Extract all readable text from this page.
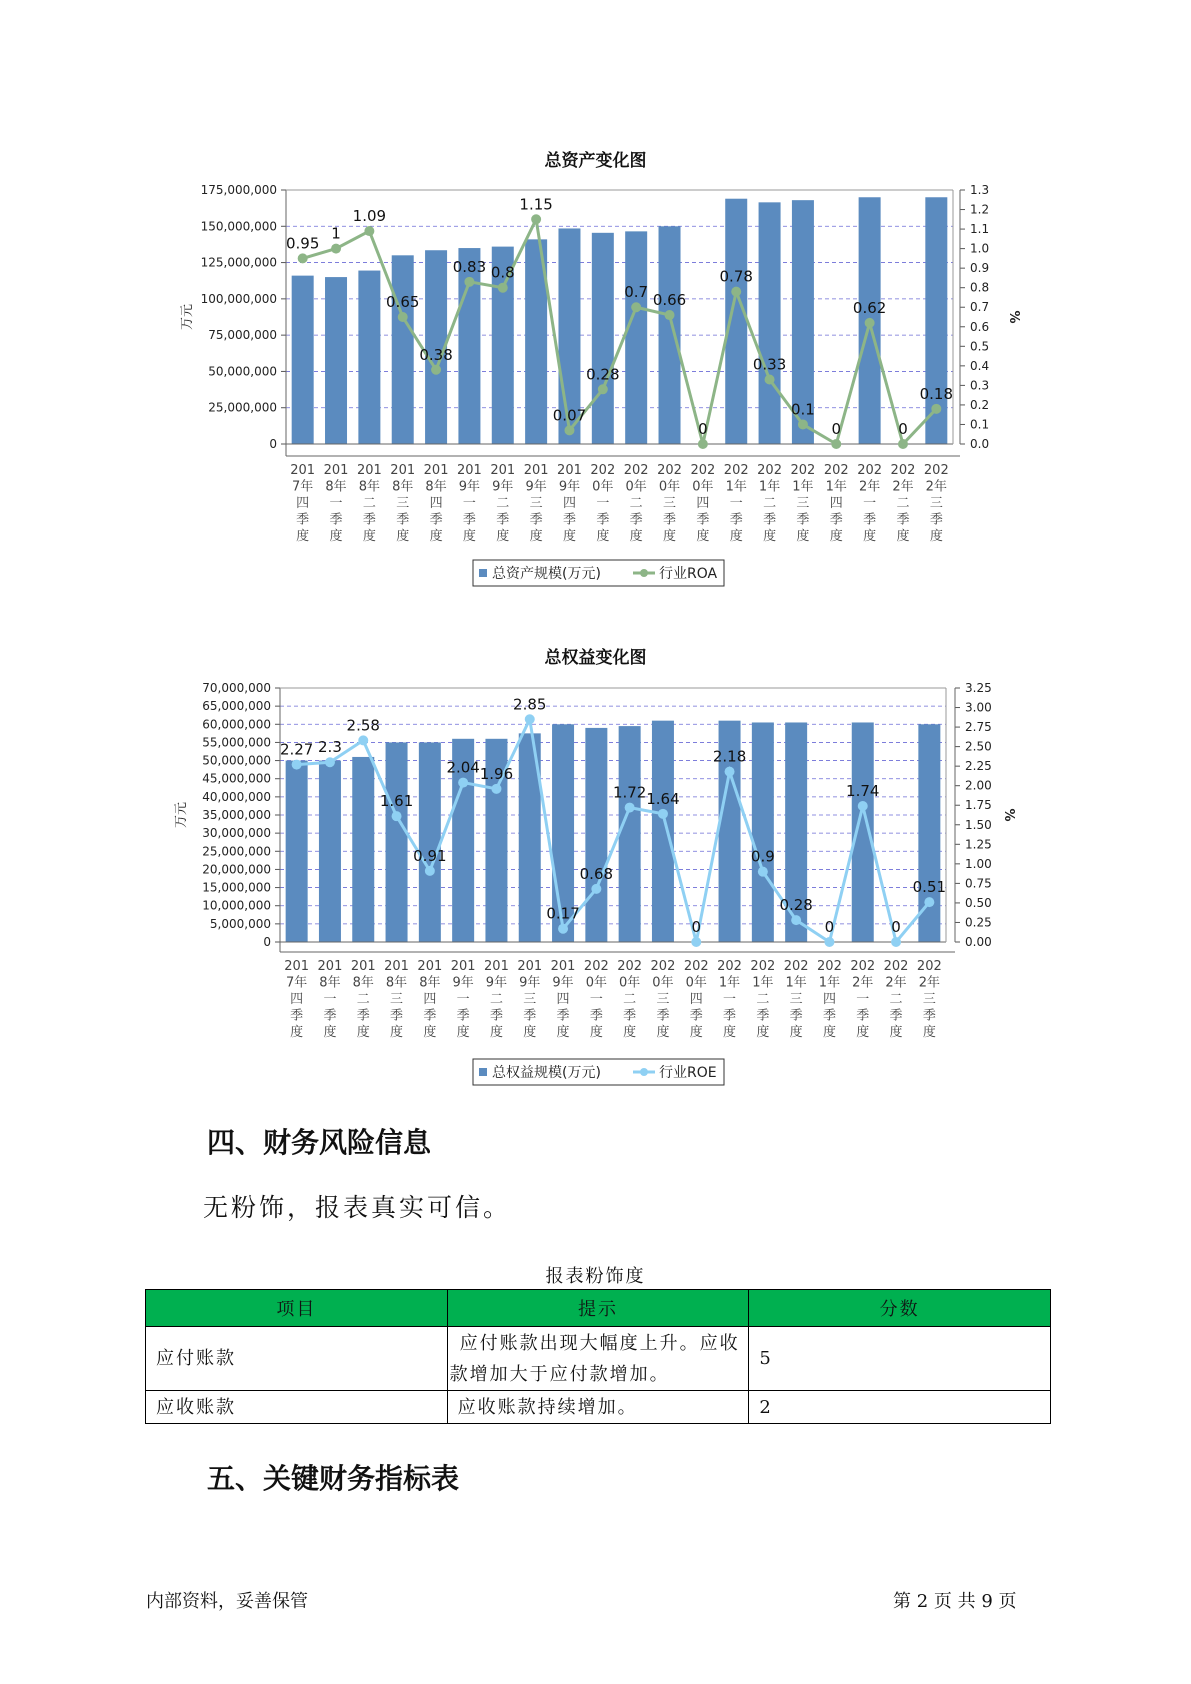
总资产变化图
0
25,000,000
50,000,000
75,000,000
100,000,000
125,000,000
150,000,000
175,000,000
0.0
0.1
0.2
0.3
0.4
0.5
0.6
0.7
0.8
0.9
1.0
1.1
1.2
1.3
万元	%
201
7年
四
季
度
201
8年
一
季
度
201
8年
二
季
度
201
8年
三
季
度
201
8年
四
季
度
201
9年
一
季
度
201
9年
二
季
度
201
9年
三
季
度
201
9年
四
季
度
202
0年
一
季
度
202
0年
二
季
度
202
0年
三
季
度
202
0年
四
季
度
202
1年
一
季
度
202
1年
二
季
度
202
1年
三
季
度
202
1年
四
季
度
202
2年
一
季
度
202
2年
二
季
度
202
2年
三
季
度
0.95
1
1.09
0.65
0.38
0.83 0.8
1.15
0.07
0.28
0.7 0.66
0
0.78
0.33
0.1
0
0.62
0
0.18
总资产规模(万元)	行业ROA
总权益变化图
0
5,000,000
10,000,000
15,000,000
20,000,000
25,000,000
30,000,000
35,000,000
40,000,000
45,000,000
50,000,000
55,000,000
60,000,000
65,000,000
70,000,000
0.00
0.25
0.50
0.75
1.00
1.25
1.50
1.75
2.00
2.25
2.50
2.75
3.00
3.25
万元	%
201
7年
四
季
度
201
8年
一
季
度
201
8年
二
季
度
201
8年
三
季
度
201
8年
四
季
度
201
9年
一
季
度
201
9年
二
季
度
201
9年
三
季
度
201
9年
四
季
度
202
0年
一
季
度
202
0年
二
季
度
202
0年
三
季
度
202
0年
四
季
度
202
1年
一
季
度
202
1年
二
季
度
202
1年
三
季
度
202
1年
四
季
度
202
2年
一
季
度
202
2年
二
季
度
202
2年
三
季
度
2.27 2.3
2.58
1.61
0.91
2.04 1.96
2.85
0.17
0.68
1.72 1.64
0
2.18
0.9
0.28
0
1.74
0
0.51
总权益规模(万元)	行业ROE
四、财务风险信息
无粉饰，报表真实可信。
报表粉饰度
项目	提示	分数
应付账款	应付账款出现大幅度上升。应收
款增加大于应付款增加。	5
应收账款	应收账款持续增加。	2
五、关键财务指标表
内部资料，妥善保管	第 2 页 共 9 页
